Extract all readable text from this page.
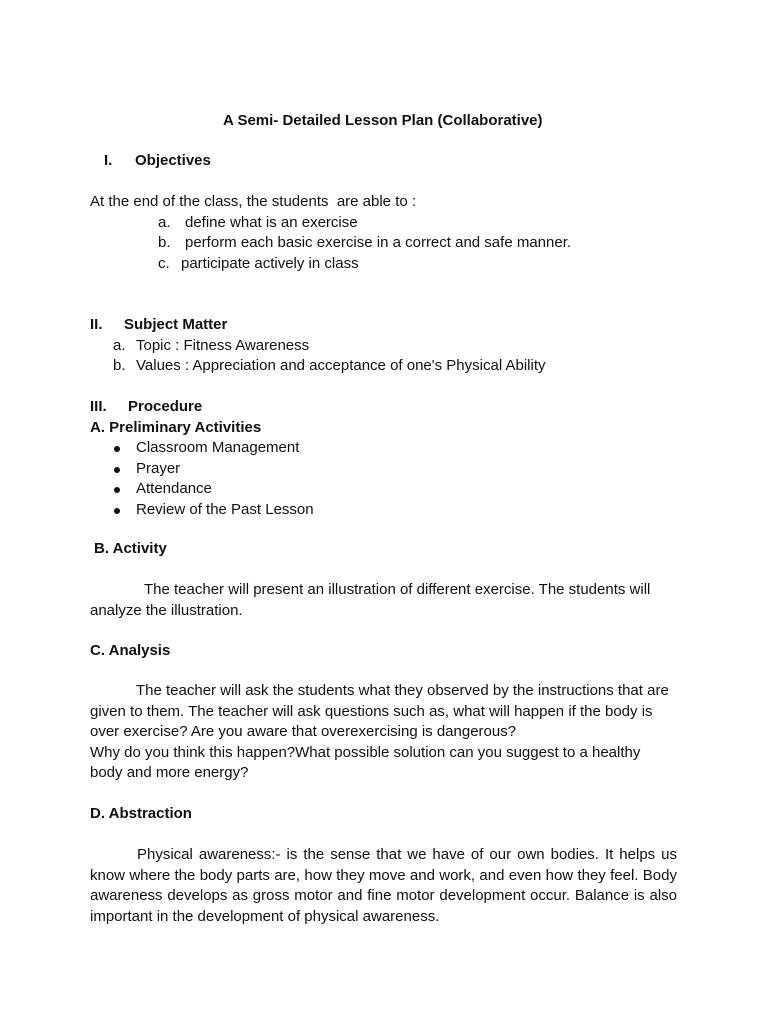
A Semi- Detailed Lesson Plan (Collaborative)
I. Objectives
At the end of the class, the students  are able to :
a. define what is an exercise
b. perform each basic exercise in a correct and safe manner.
c. participate actively in class
II. Subject Matter
a. Topic : Fitness Awareness
b. Values : Appreciation and acceptance of one's Physical Ability
III. Procedure
A. Preliminary Activities
Classroom Management
Prayer
Attendance
Review of the Past Lesson
B. Activity
The teacher will present an illustration of different exercise. The students will
analyze the illustration.
C. Analysis
The teacher will ask the students what they observed by the instructions that are
given to them. The teacher will ask questions such as, what will happen if the body is
over exercise? Are you aware that overexercising is dangerous?
Why do you think this happen?What possible solution can you suggest to a healthy
body and more energy?
D. Abstraction
Physical awareness:- is the sense that we have of our own bodies. It helps us know where the body parts are, how they move and work, and even how they feel. Body awareness develops as gross motor and fine motor development occur. Balance is also important in the development of physical awareness.
